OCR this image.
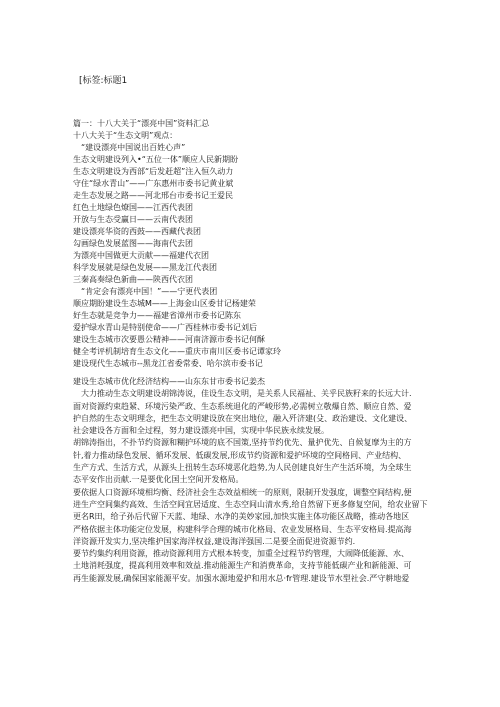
[标签:标题1
篇一：十八大关于“漂亮中国”资料汇总
十八大关于“生态文明”观点：
“建设漂亮中国说出百姓心声”
生态文明建设列入•“五位一体”顺应人民新期盼
生态文明建设为西部“后发赶超”注入恒久动力
守住“绿水青山”——广东惠州市委书记黄业斌
走生态发展之路——河北邢台市委书记王爱民
红色土地绿色燎国——江西代表团
开放与生态受赢日——云南代表团
建设漂亮华资的西鼓——西藏代表团
勾画绿色发展蓝图——海南代去团
为漂亮中国做更大贡献——福建代衣团
科学发展就是绿色发展——黑龙江代表团
三秦高奏绿色新曲——陕西代衣团
“肯定会有漂亮中国！”——宁更代表团
顺应期盼建设生态城M——上海金山区委甘记杨建荣
好生态就是竞争力——福建省漳州市委书记陈东
爱护绿水青山是特别使命——广西桂林市委书记刘后
建设生态城市次要愚公精神——河南济源市委书记何酥
健全考评机制培育生态文化——重庆市南川区委书记谭家玲
建设现代生态城市--黑龙江省委常委、哈尔滨市委书记
建设生态城市优化经济结构——山东东甘市委书记姜杰
大力推动生态文明建设胡锦涛说，佳设生态文明，是关系人民福祉、关乎民族籽来的长远大计.
面对资源约束趋紧、环境污染严政、生态系统退化的严峻形势,必需树立敬爆自然、顺应自然、爱
护自然的生态文明理念，把生态文明建设放在突出地位，融入歼济建(殳、政治建设、文化建设、
社会建设各方面和全过程，努力建设漂亮中国，实现中华民族永续发展。
胡锦涛指出，不扑节约资源和糊护环境的底不国策,坚持节约优先、量护优先、自候复摩为主的方
针,着力推动绿色发展、循环发展、低碳发展,形成节约资源和爱护坏境的空间格同、产业结构、
生产方式、生活方式，从源头上扭转生态环境恶化趋势,为人民创建良好生产生活环境，为全球生
态平安作出贡献.一是要优化国土空间开发格局。
要依据人口资源环境相均衡、经济社会生态效益相统一的原则，限制开发强度，调整空间结构,便
进生产空间集约高效、生活空间宜居适度、生态空间山清水秀,给自然留下更多修复空间，给农业留下
更名R田，给子孙后代留下天蓝、地绿、水净的美妙家园,加快实施主体功能区战略，推动各地区
严格依据主体功能定位发展，构建科学合理的城市化格局、农业发展格局、生态平安格局.提高海
洋资源开发实力,坚决维护国家海洋权益,建设海洋强国.二是要全面促进资源节约.
要节约集约利用资源，推动资源利用方式根本转变，加重全过程节约管理，大闹降低能源、水、
土地消耗强度，提高利用效率和效益.推动能源生产和消费革命，支持节能低碳产业和新能源、可
再生能源发展,确保国家能源平安。加强水源地爱护和用水总·fr管理.建设节水型社会.严守耕地爱
